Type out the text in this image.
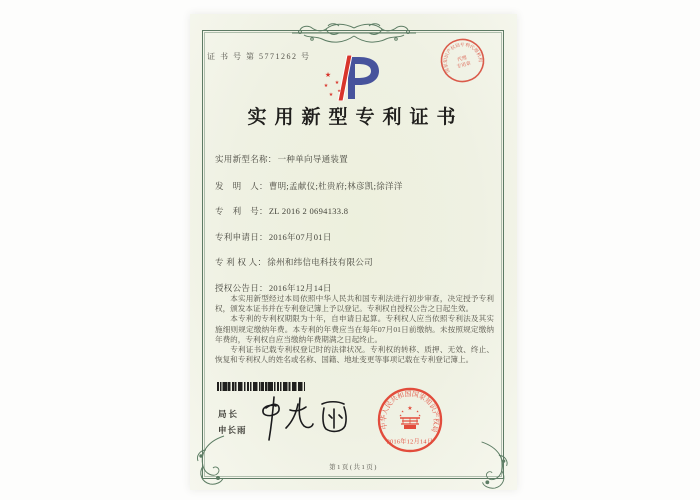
证 书 号 第 5771262 号
★
★
★
★
★
国家知识产权局专利代理机构
代理
专用章
实用新型专利证书
实用新型名称：一种单向导通装置
发　明　人：曹明;孟献仪;杜贵府;林彦凯;徐洋洋
专　利　号：ZL 2016 2 0694133.8
专利申请日：2016年07月01日
专 利 权 人：徐州和纬信电科技有限公司
授权公告日：2016年12月14日

本实用新型经过本局依照中华人民共和国专利法进行初步审查，决定授予专利权，颁发本证书并在专利登记簿上予以登记。专利权自授权公告之日起生效。

本专利的专利权期限为十年，自申请日起算。专利权人应当依照专利法及其实施细则规定缴纳年费。本专利的年费应当在每年07月01日前缴纳。未按照规定缴纳年费的，专利权自应当缴纳年费期满之日起终止。

专利证书记载专利权登记时的法律状况。专利权的转移、质押、无效、终止、恢复和专利权人的姓名或名称、国籍、地址变更等事项记载在专利登记簿上。

局长
申长雨	中华人民共和国国家知识产权局
★
★	★
★	★
2016年12月14日
第1页(共1页)
